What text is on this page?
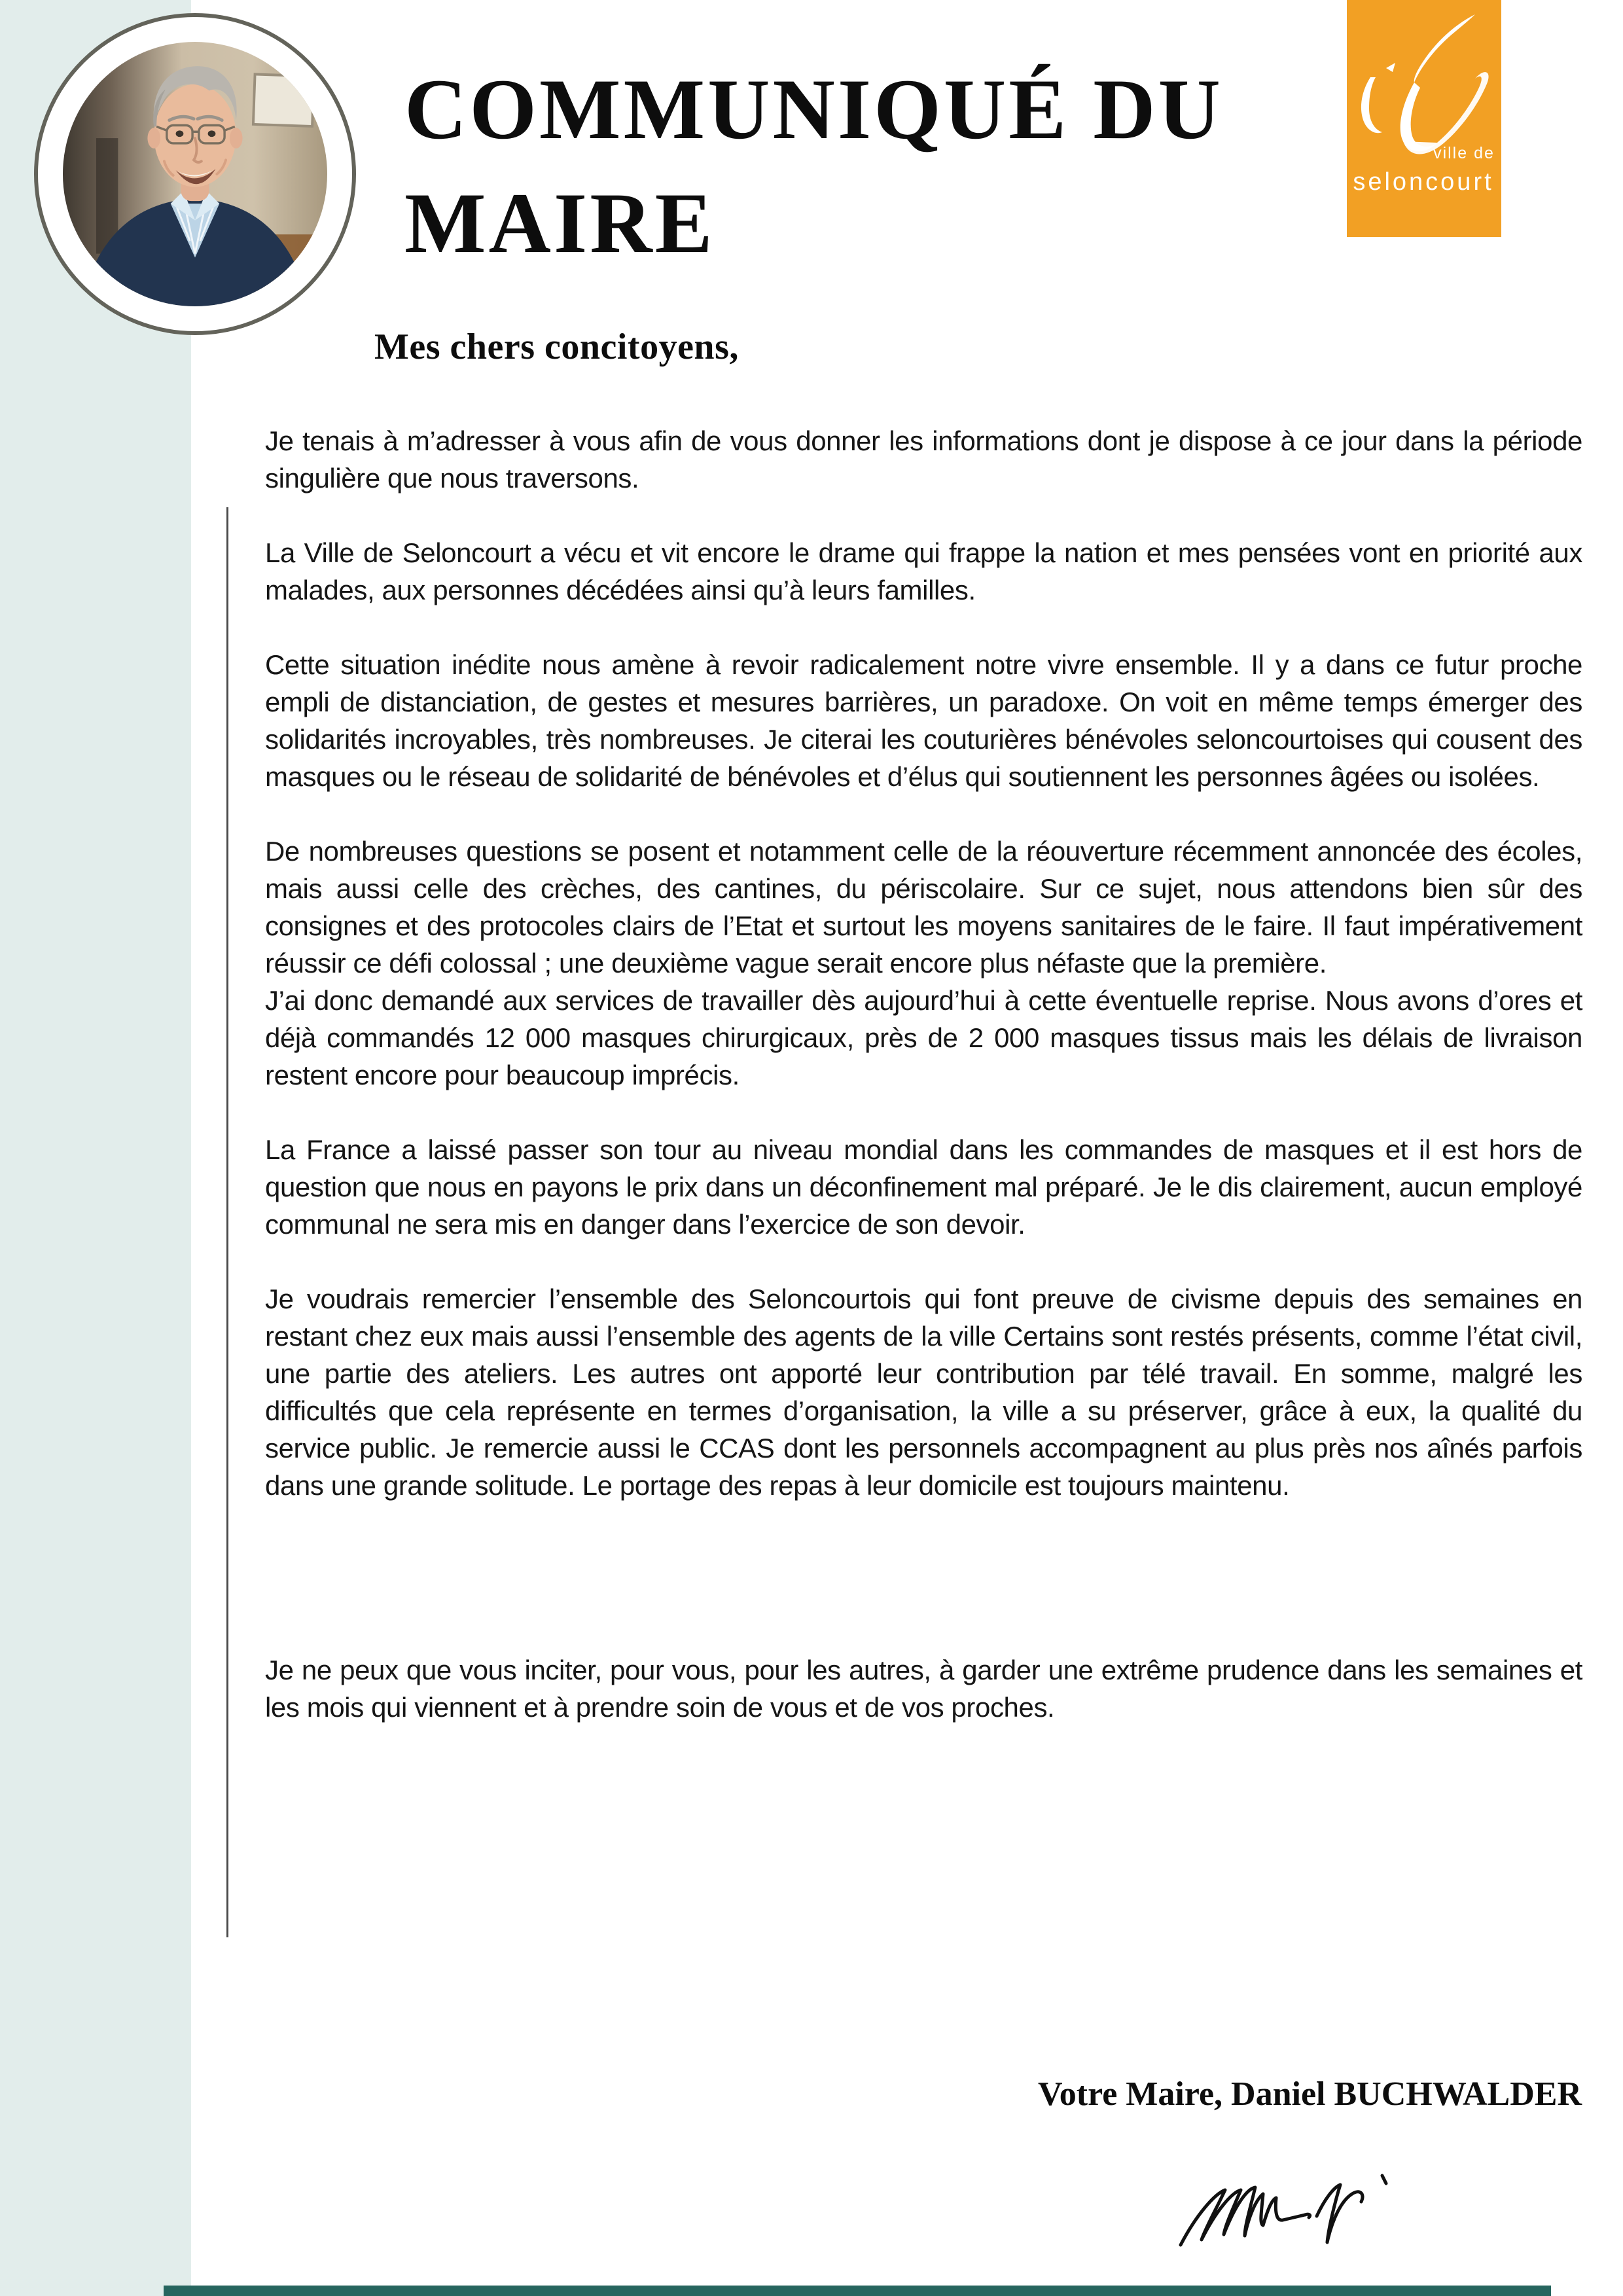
COMMUNIQUÉ DU
MAIRE
ville de
seloncourt
Mes chers concitoyens,

Je tenais à m’adresser à vous afin de vous donner les informations dont je dispose à ce jour dans la période singulière que nous traversons.

La Ville de Seloncourt a vécu et vit encore le drame qui frappe la nation et mes pensées vont en priorité aux malades, aux personnes décédées ainsi qu’à leurs familles.

Cette situation inédite nous amène à revoir radicalement notre vivre ensemble. Il y a dans ce futur proche empli de distanciation, de gestes et mesures barrières, un paradoxe. On voit en même temps émerger des solidarités incroyables, très nombreuses. Je citerai les couturières bénévoles seloncourtoises qui cousent des masques ou le réseau de solidarité de bénévoles et d’élus qui soutiennent les personnes âgées ou isolées.

De nombreuses questions se posent et notamment celle de la réouverture récemment annoncée des écoles, mais aussi celle des crèches, des cantines, du périscolaire. Sur ce sujet, nous attendons bien sûr des consignes et des protocoles clairs de l’Etat et surtout les moyens sanitaires de le faire. Il faut impérativement réussir ce défi colossal ; une deuxième vague serait encore plus néfaste que la première.

J’ai donc demandé aux services de travailler dès aujourd’hui à cette éventuelle reprise. Nous avons d’ores et déjà commandés 12 000 masques chirurgicaux, près de 2 000 masques tissus mais les délais de livraison restent encore pour beaucoup imprécis.

La France a laissé passer son tour au niveau mondial dans les commandes de masques et il est hors de question que nous en payons le prix dans un déconfinement mal préparé. Je le dis clairement, aucun employé communal ne sera mis en danger dans l’exercice de son devoir.

Je voudrais remercier l’ensemble des Seloncourtois qui font preuve de civisme depuis des semaines en restant chez eux mais aussi l’ensemble des agents de la ville Certains sont restés présents, comme l’état civil, une partie des ateliers. Les autres ont apporté leur contribution par télé travail. En somme, malgré les difficultés que cela représente en termes d’organisation, la ville a su préserver, grâce à eux, la qualité du service public. Je remercie aussi le CCAS dont les personnels accompagnent au plus près nos aînés parfois dans une grande solitude. Le portage des repas à leur domicile est toujours maintenu.

Je ne peux que vous inciter, pour vous, pour les autres, à garder une extrême prudence dans les semaines et les mois qui viennent et à prendre soin de vous et de vos proches.

Votre Maire, Daniel BUCHWALDER
